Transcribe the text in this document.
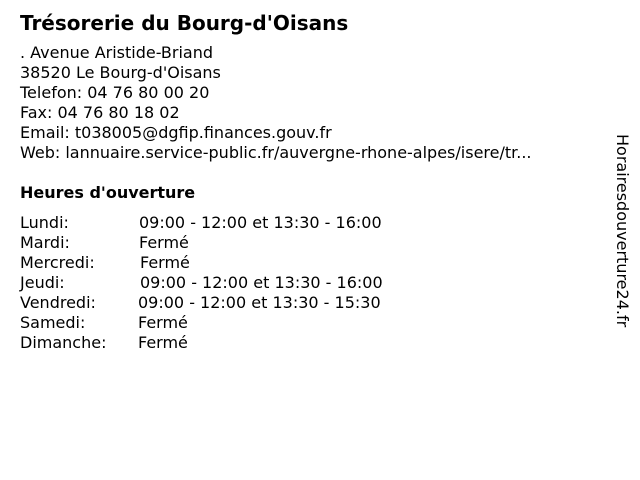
Trésorerie du Bourg-d'Oisans
. Avenue Aristide-Briand
38520 Le Bourg-d'Oisans
Telefon: 04 76 80 00 20
Fax: 04 76 80 18 02
Email: t038005@dgfip.finances.gouv.fr
Web: lannuaire.service-public.fr/auvergne-rhone-alpes/isere/tr...
Heures d'ouverture
Lundi:	09:00 - 12:00 et 13:30 - 16:00
Mardi:	Fermé
Mercredi:	Fermé
Jeudi:	09:00 - 12:00 et 13:30 - 16:00
Vendredi:	09:00 - 12:00 et 13:30 - 15:30
Samedi:	Fermé
Dimanche: Fermé
Horairesdouverture24.fr
